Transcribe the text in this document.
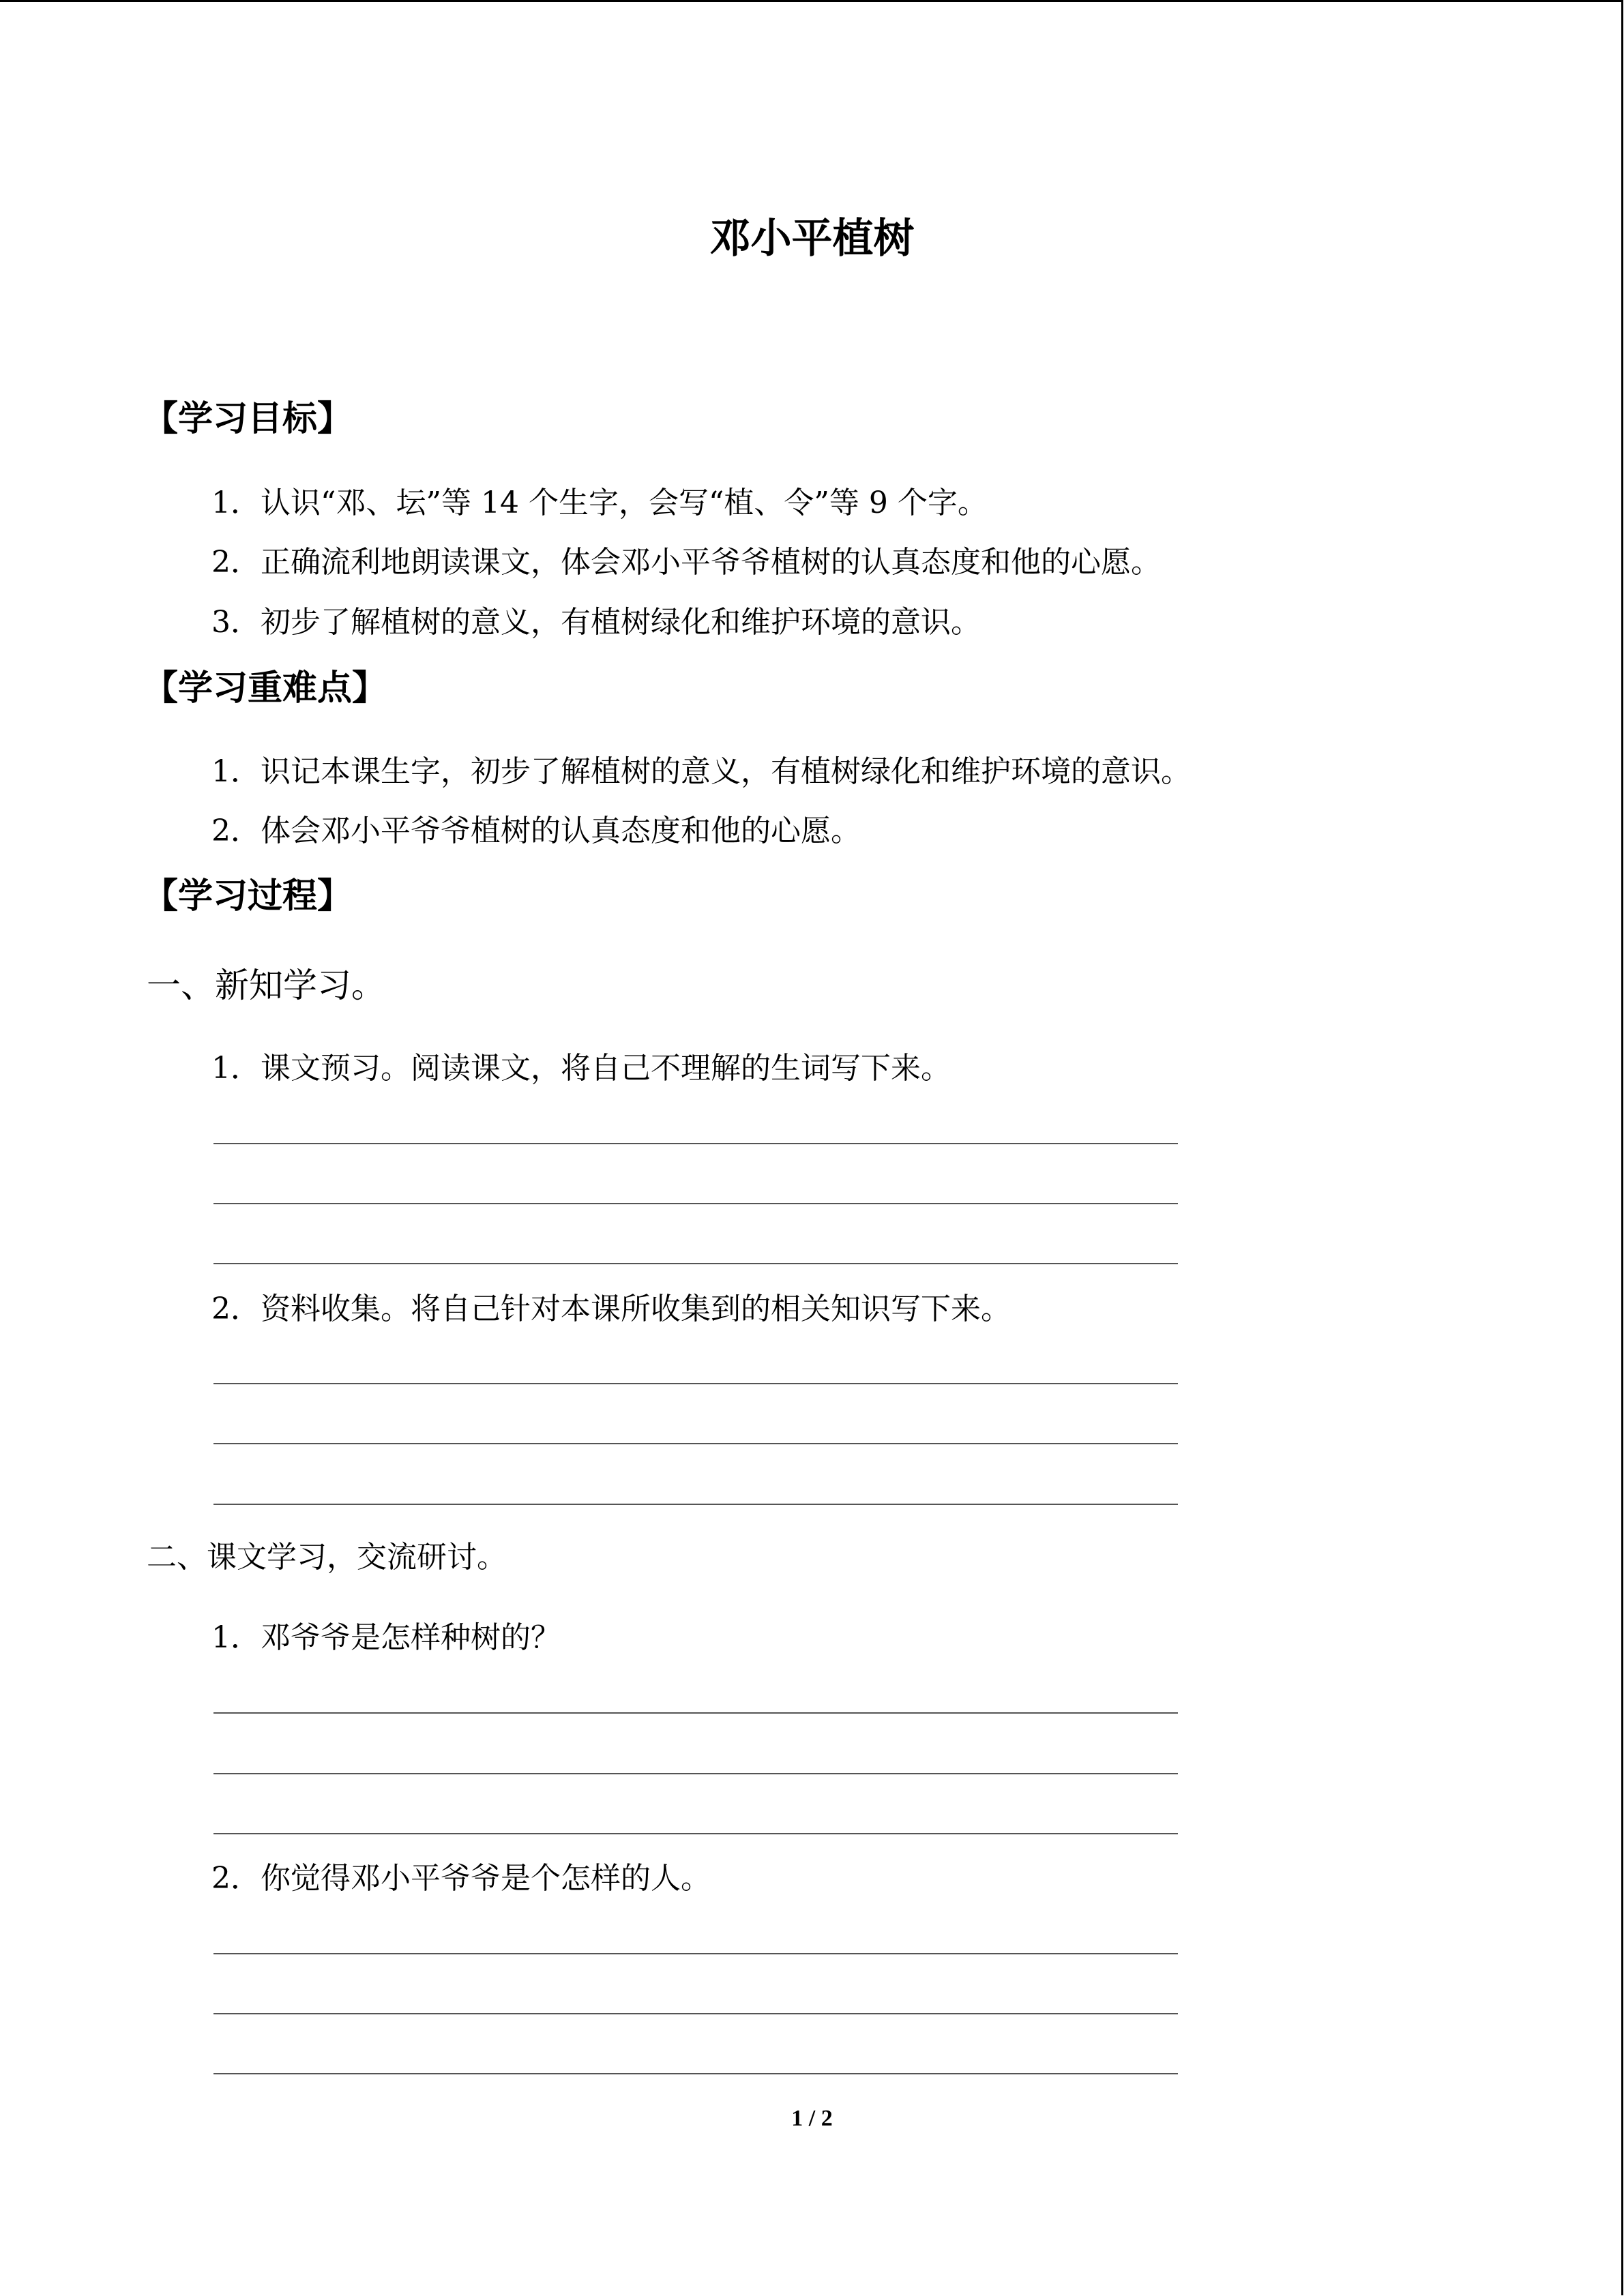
邓小平植树
【学习目标】
1．认识“邓、坛”等 14 个生字，会写“植、令”等 9 个字。
2．正确流利地朗读课文，体会邓小平爷爷植树的认真态度和他的心愿。
3．初步了解植树的意义，有植树绿化和维护环境的意识。
【学习重难点】
1．识记本课生字，初步了解植树的意义，有植树绿化和维护环境的意识。
2．体会邓小平爷爷植树的认真态度和他的心愿。
【学习过程】
一、新知学习。
1．课文预习。阅读课文，将自己不理解的生词写下来。
2．资料收集。将自己针对本课所收集到的相关知识写下来。
二、课文学习，交流研讨。
1．邓爷爷是怎样种树的？
2．你觉得邓小平爷爷是个怎样的人。
1 / 2
